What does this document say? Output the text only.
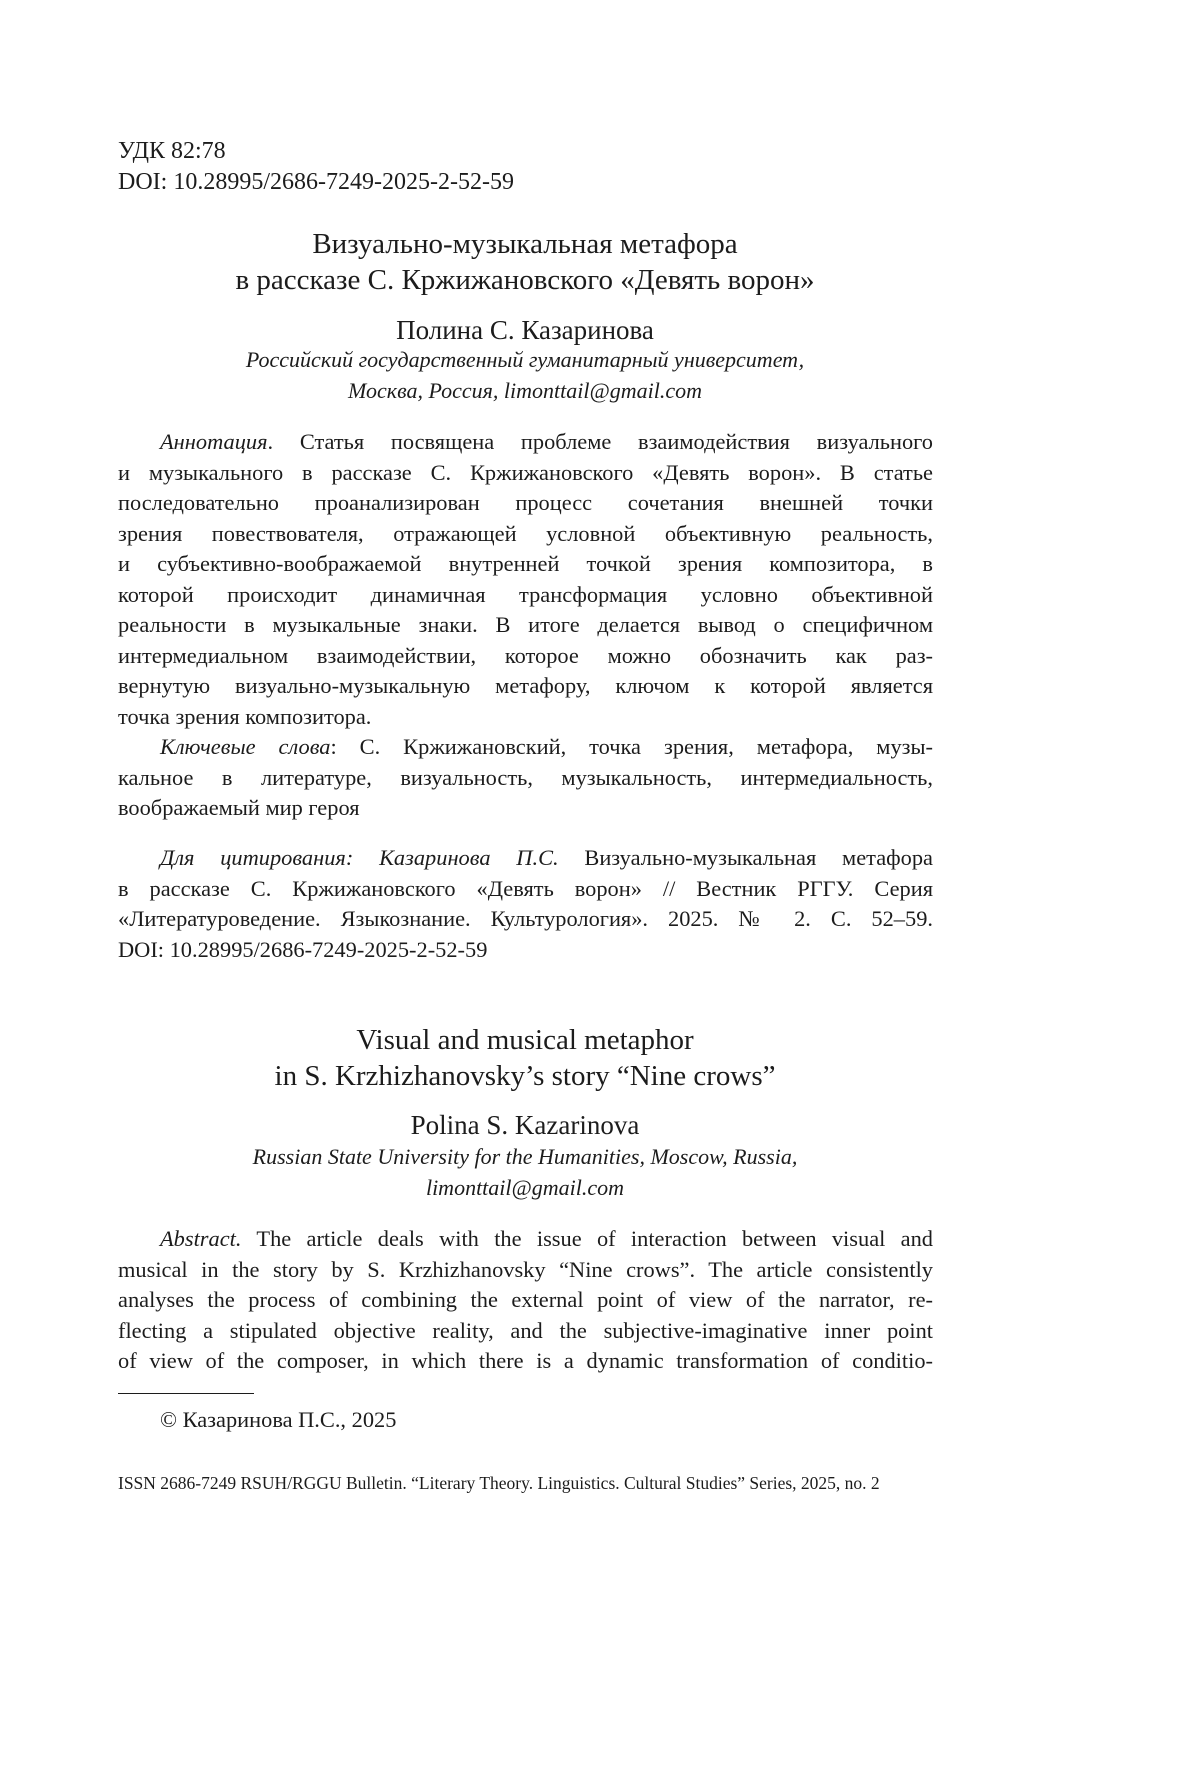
УДК 82:78
DOI: 10.28995/2686-7249-2025-2-52-59
Визуально-музыкальная метафора
в рассказе С. Кржижановского «Девять ворон»
Полина С. Казаринова
Российский государственный гуманитарный университет,
Москва, Россия, limonttail@gmail.com
Аннотация. Статья посвящена проблеме взаимодействия визуального
и музыкального в рассказе С. Кржижановского «Девять ворон». В статье
последовательно проанализирован процесс сочетания внешней точки
зрения повествователя, отражающей условной объективную реальность,
и субъективно-воображаемой внутренней точкой зрения композитора, в
которой происходит динамичная трансформация условно объективной
реальности в музыкальные знаки. В итоге делается вывод о специфичном
интермедиальном взаимодействии, которое можно обозначить как раз-
вернутую визуально-музыкальную метафору, ключом к которой является
точка зрения композитора.
Ключевые слова: С. Кржижановский, точка зрения, метафора, музы-
кальное в литературе, визуальность, музыкальность, интермедиальность,
воображаемый мир героя
Для цитирования: Казаринова П.С. Визуально-музыкальная метафора
в рассказе С. Кржижановского «Девять ворон» // Вестник РГГУ. Серия
«Литературоведение. Языкознание. Культурология». 2025. № 2. С. 52–59.
DOI: 10.28995/2686-7249-2025-2-52-59
Visual and musical metaphor
in S. Krzhizhanovsky’s story “Nine crows”
Polina S. Kazarinova
Russian State University for the Humanities, Moscow, Russia,
limonttail@gmail.com
Abstract. The article deals with the issue of interaction between visual and
musical in the story by S. Krzhizhanovsky “Nine crows”. The article consistently
analyses the process of combining the external point of view of the narrator, re-
flecting a stipulated objective reality, and the subjective-imaginative inner point
of view of the composer, in which there is a dynamic transformation of conditio-
© Казаринова П.С., 2025
ISSN 2686-7249 RSUH/RGGU Bulletin. “Literary Theory. Linguistics. Cultural Studies” Series, 2025, no. 2
